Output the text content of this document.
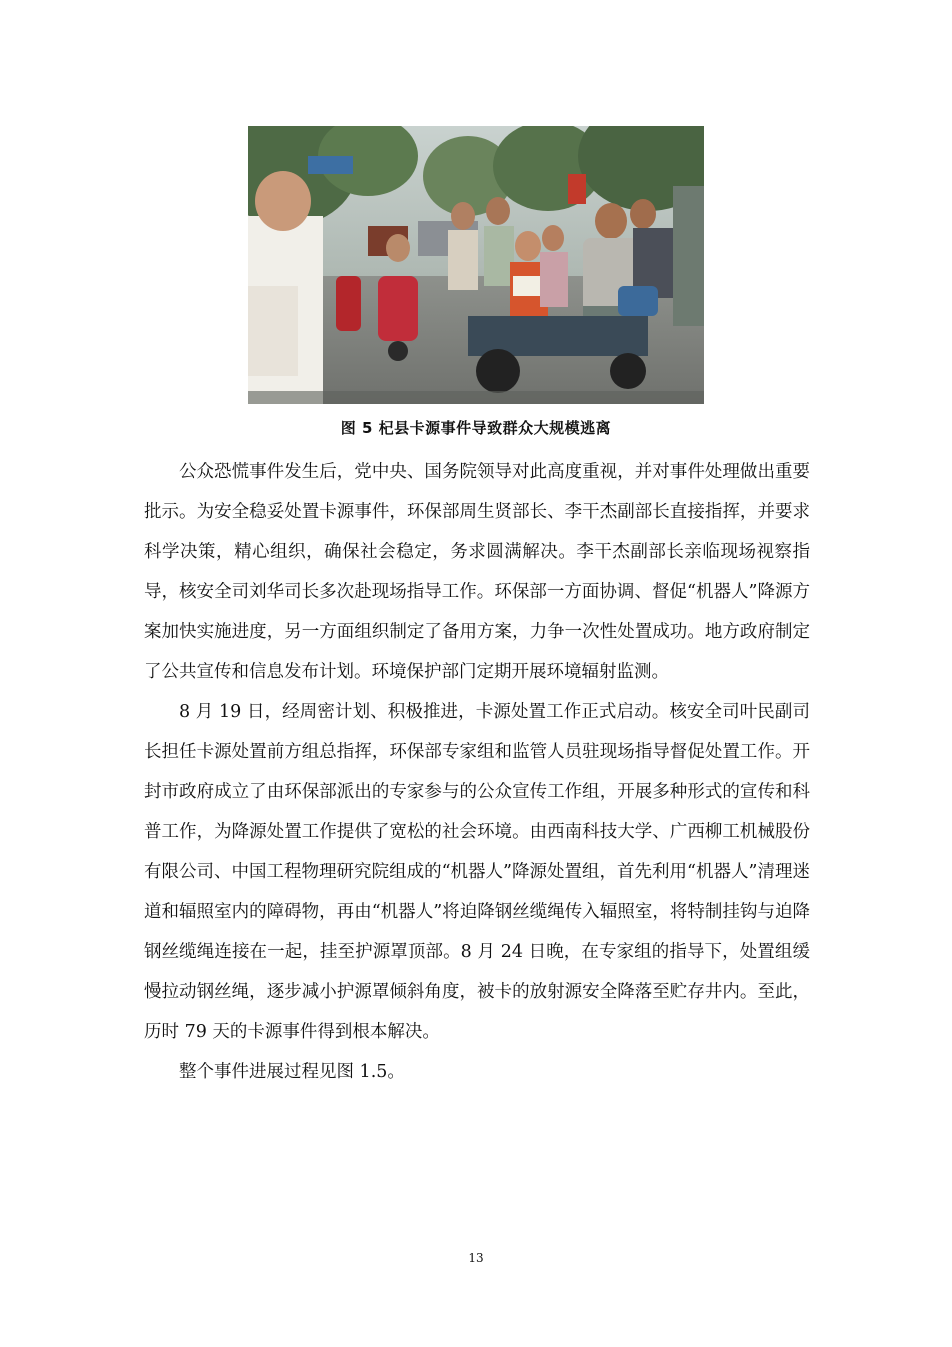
图 5 杞县卡源事件导致群众大规模逃离

公众恐慌事件发生后，党中央、国务院领导对此高度重视，并对事件处理做出重要批示。为安全稳妥处置卡源事件，环保部周生贤部长、李干杰副部长直接指挥，并要求科学决策，精心组织，确保社会稳定，务求圆满解决。李干杰副部长亲临现场视察指导，核安全司刘华司长多次赴现场指导工作。环保部一方面协调、督促“机器人”降源方案加快实施进度，另一方面组织制定了备用方案，力争一次性处置成功。地方政府制定了公共宣传和信息发布计划。环境保护部门定期开展环境辐射监测。

8 月 19 日，经周密计划、积极推进，卡源处置工作正式启动。核安全司叶民副司长担任卡源处置前方组总指挥，环保部专家组和监管人员驻现场指导督促处置工作。开封市政府成立了由环保部派出的专家参与的公众宣传工作组，开展多种形式的宣传和科普工作，为降源处置工作提供了宽松的社会环境。由西南科技大学、广西柳工机械股份有限公司、中国工程物理研究院组成的“机器人”降源处置组，首先利用“机器人”清理迷道和辐照室内的障碍物，再由“机器人”将迫降钢丝缆绳传入辐照室，将特制挂钩与迫降钢丝缆绳连接在一起，挂至护源罩顶部。8 月 24 日晚，在专家组的指导下，处置组缓慢拉动钢丝绳，逐步减小护源罩倾斜角度，被卡的放射源安全降落至贮存井内。至此，历时 79 天的卡源事件得到根本解决。

整个事件进展过程见图 1.5。

13
